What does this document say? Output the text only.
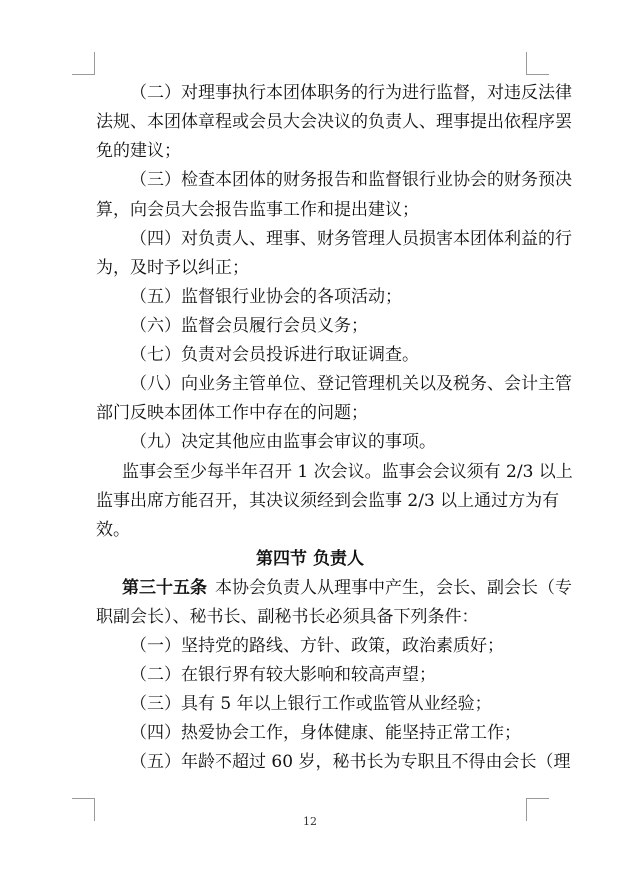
（二）对理事执行本团体职务的行为进行监督，对违反法律
法规、本团体章程或会员大会决议的负责人、理事提出依程序罢
免的建议；
（三）检查本团体的财务报告和监督银行业协会的财务预决
算，向会员大会报告监事工作和提出建议；
（四）对负责人、理事、财务管理人员损害本团体利益的行
为，及时予以纠正；
（五）监督银行业协会的各项活动；
（六）监督会员履行会员义务；
（七）负责对会员投诉进行取证调查。
（八）向业务主管单位、登记管理机关以及税务、会计主管
部门反映本团体工作中存在的问题；
（九）决定其他应由监事会审议的事项。
监事会至少每半年召开 1 次会议。监事会会议须有 2/3 以上
监事出席方能召开，其决议须经到会监事 2/3 以上通过方为有
效。
第四节 负责人
第三十五条 本协会负责人从理事中产生，会长、副会长（专
职副会长）、秘书长、副秘书长必须具备下列条件：
（一）坚持党的路线、方针、政策，政治素质好；
（二）在银行界有较大影响和较高声望；
（三）具有 5 年以上银行工作或监管从业经验；
（四）热爱协会工作，身体健康、能坚持正常工作；
（五）年龄不超过 60 岁，秘书长为专职且不得由会长（理
12
